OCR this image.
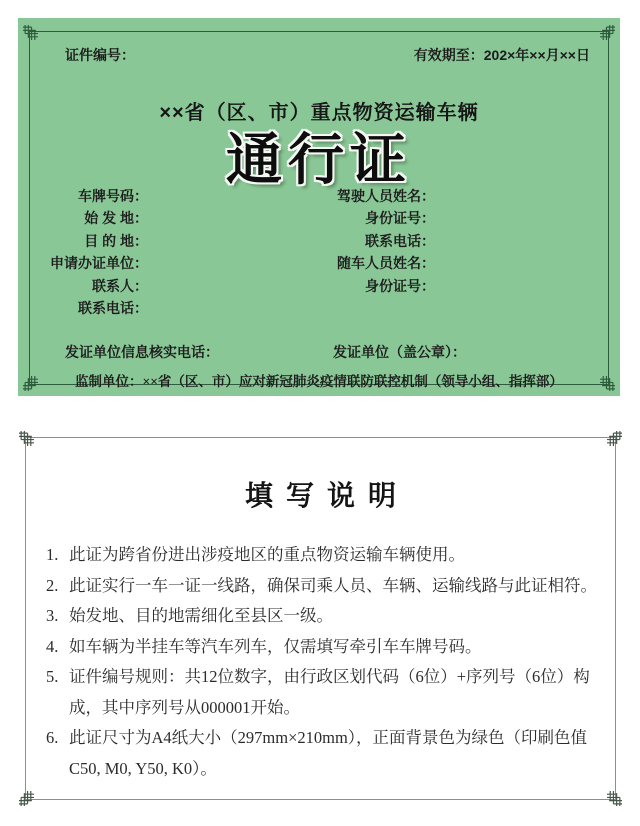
证件编号：	有效期至：202×年××月××日
××省（区、市）重点物资运输车辆
通行证
车牌号码：
始 发 地：
目 的 地：
申请办证单位：
联系人：
联系电话：
驾驶人员姓名：
身份证号：
联系电话：
随车人员姓名：
身份证号：
发证单位信息核实电话：	发证单位（盖公章）：
监制单位：××省（区、市）应对新冠肺炎疫情联防联控机制（领导小组、指挥部）
填写说明
1. 此证为跨省份进出涉疫地区的重点物资运输车辆使用。
2. 此证实行一车一证一线路，确保司乘人员、车辆、运输线路与此证相符。
3. 始发地、目的地需细化至县区一级。
4. 如车辆为半挂车等汽车列车，仅需填写牵引车车牌号码。
5. 证件编号规则：共12位数字，由行政区划代码（6位）+序列号（6位）构成，其中序列号从000001开始。
6. 此证尺寸为A4纸大小（297mm×210mm），正面背景色为绿色（印刷色值C50, M0, Y50, K0）。
